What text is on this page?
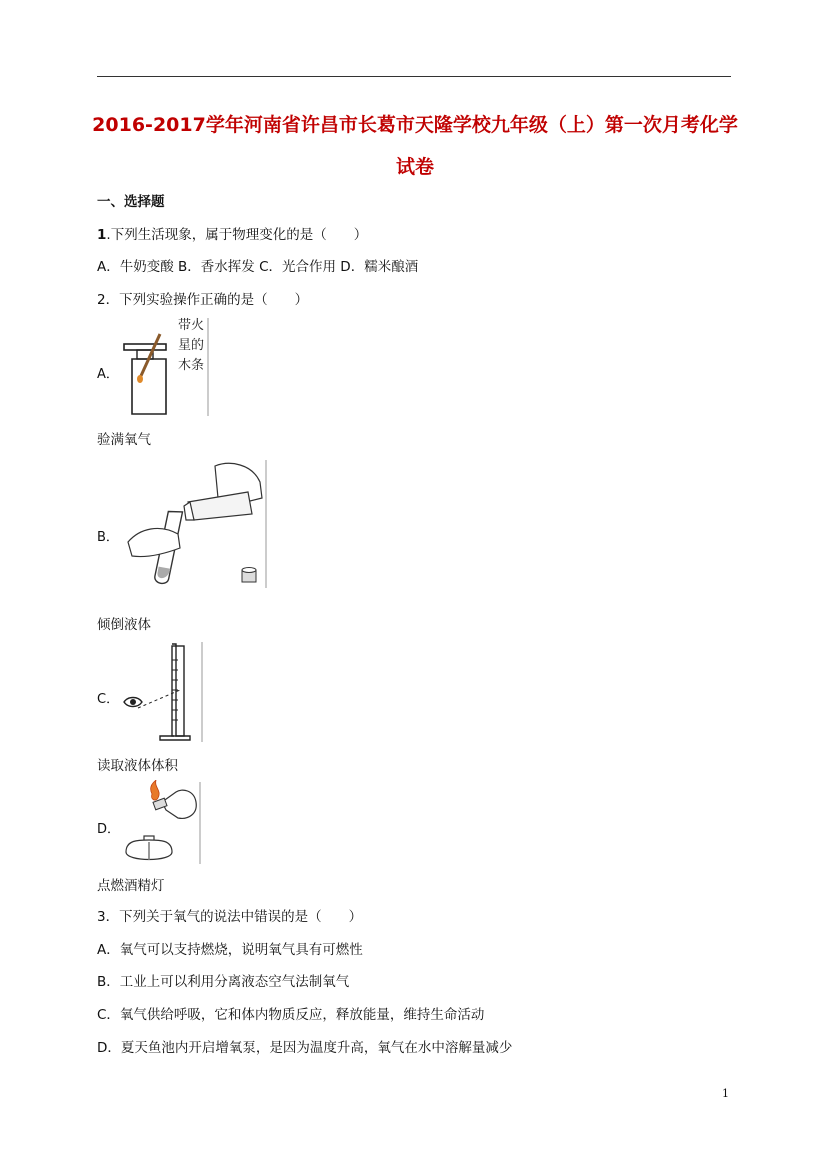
2016-2017学年河南省许昌市长葛市天隆学校九年级（上）第一次月考化学
试卷
一、选择题
1.下列生活现象，属于物理变化的是（　　）
A．牛奶变酸 B．香水挥发 C．光合作用 D．糯米酿酒
2．下列实验操作正确的是（　　）
A．
带火
星的
木条
验满氧气
B．
倾倒液体
C．
读取液体体积
D．
点燃酒精灯
3．下列关于氧气的说法中错误的是（　　）
A．氧气可以支持燃烧，说明氧气具有可燃性
B．工业上可以利用分离液态空气法制氧气
C．氧气供给呼吸，它和体内物质反应，释放能量，维持生命活动
D．夏天鱼池内开启增氧泵，是因为温度升高，氧气在水中溶解量减少
1
